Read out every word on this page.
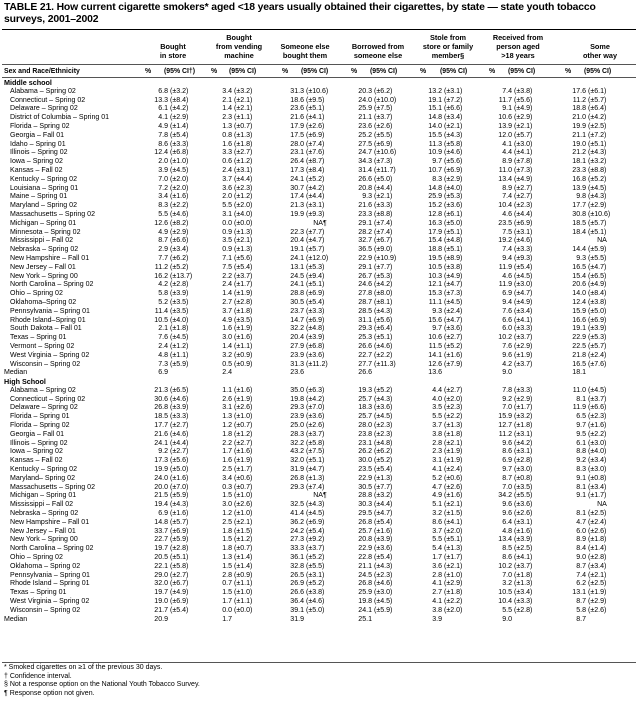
TABLE 21. How current cigarette smokers* aged <18 years usually obtained their cigarettes, by state — state youth tobacco surveys, 2001–2002
Bought
in store
Bought
from vending
machine
Someone else
bought them
Borrowed from
someone else
Stole from
store or family
member§
Received from
person aged
>18 years
Some
other way
Sex and Race/Ethnicity	% (95% CI†) % (95% CI)	% (95% CI)	% (95% CI)	% (95% CI)	% (95% CI)	% (95% CI)
Middle school
Alabama – Spring 02	6.8 (±3.2)	3.4 (±3.2)	31.3 (±10.6)	20.3 (±6.2)	13.2 (±3.1)	7.4 (±3.8)	17.6 (±6.1)
Connecticut – Spring 02	13.3 (±8.4)	2.1 (±2.1)	18.6 (±9.5)	24.0 (±10.0)	19.1 (±7.2)	11.7 (±5.6)	11.2 (±5.7)
Delaware – Spring 02	6.1 (±4.2)	1.4 (±2.1)	23.6 (±5.1)	25.9 (±7.5)	15.1 (±6.6)	9.1 (±4.9)	18.8 (±6.4)
District of Columbia – Spring 01	4.1 (±2.9)	2.3 (±1.1)	21.6 (±4.1)	21.1 (±3.7)	14.8 (±3.4)	10.6 (±2.9)	21.0 (±4.2)
Florida – Spring 02	4.9 (±1.4)	1.3 (±0.7)	17.9 (±2.6)	23.6 (±2.6)	14.0 (±2.1)	13.9 (±2.1)	19.9 (±2.5)
Georgia – Fall 01	7.8 (±5.4)	0.8 (±1.3)	17.5 (±6.9)	25.2 (±5.5)	15.5 (±4.3)	12.0 (±5.7)	21.1 (±7.2)
Idaho – Spring 01	8.6 (±3.3)	1.6 (±1.8)	28.0 (±7.4)	27.5 (±6.9)	11.3 (±5.8)	4.1 (±3.0)	19.0 (±5.1)
Illinois – Spring 02	12.4 (±6.8)	3.3 (±2.7)	23.1 (±7.6)	24.7 (±10.6)	10.9 (±4.6)	4.4 (±4.1)	21.2 (±4.3)
Iowa – Spring 02	2.0 (±1.0)	0.6 (±1.2)	26.4 (±8.7)	34.3 (±7.3)	9.7 (±5.6)	8.9 (±7.8)	18.1 (±3.2)
Kansas – Fall 02	3.9 (±4.5)	2.4 (±3.1)	17.3 (±8.4)	31.4 (±11.7)	10.7 (±6.9)	11.0 (±7.3)	23.3 (±8.8)
Kentucky – Spring 02	7.0 (±2.0)	3.7 (±4.4)	24.1 (±5.2)	26.6 (±5.0)	8.3 (±2.9)	13.4 (±4.9)	16.8 (±5.2)
Louisiana – Spring 01	7.2 (±2.0)	3.6 (±2.3)	30.7 (±4.2)	20.8 (±4.4)	14.8 (±4.0)	8.9 (±2.7)	13.9 (±4.5)
Maine – Spring 01	3.4 (±1.6)	2.0 (±1.2)	17.4 (±4.4)	9.3 (±2.1)	25.9 (±5.3)	7.4 (±2.7)	9.8 (±4.3)
Maryland – Spring 02	8.3 (±2.2)	5.5 (±2.0)	21.3 (±3.1)	21.6 (±3.3)	15.2 (±3.6)	10.4 (±2.3)	17.7 (±2.9)
Massachusetts – Spring 02	5.5 (±4.6)	3.1 (±4.0)	19.9 (±9.3)	23.3 (±8.8)	12.8 (±6.1)	4.6 (±4.4)	30.8 (±10.6)
Michigan – Spring 01	12.6 (±8.2)	0.0 (±0.0)	NA¶	29.1 (±7.4)	16.3 (±5.0)	23.5 (±6.9)	18.5 (±5.7)
Minnesota – Spring 02	4.9 (±2.9)	0.9 (±1.3)	22.3 (±7.7)	28.2 (±7.4)	17.9 (±5.1)	7.5 (±3.1)	18.4 (±5.1)
Mississippi – Fall 02	8.7 (±6.6)	3.5 (±2.1)	20.4 (±4.7)	32.7 (±6.7)	15.4 (±4.8)	19.2 (±4.6)	NA
Nebraska – Spring 02	2.9 (±3.4)	0.9 (±1.3)	19.1 (±5.7)	36.5 (±9.0)	18.8 (±5.1)	7.4 (±3.3)	14.4 (±5.9)
New Hampshire – Fall 01	7.7 (±6.2)	7.1 (±5.6)	24.1 (±12.0)	22.9 (±10.9)	19.5 (±8.9)	9.4 (±9.3)	9.3 (±5.5)
New Jersey – Fall 01	11.2 (±5.2)	7.5 (±5.4)	13.1 (±5.3)	29.1 (±7.7)	10.5 (±3.8)	11.9 (±5.4)	16.5 (±4.7)
New York – Spring 00	16.2 (±13.7)	2.2 (±3.7)	24.5 (±9.4)	26.7 (±5.3)	10.3 (±4.9)	4.6 (±4.5)	15.4 (±6.5)
North Carolina – Spring 02	4.2 (±2.8)	2.4 (±1.7)	24.1 (±5.1)	24.6 (±4.2)	12.1 (±4.7)	11.9 (±3.0)	20.6 (±4.9)
Ohio – Spring 02	5.8 (±3.9)	1.4 (±1.9)	28.8 (±6.9)	27.8 (±8.0)	15.3 (±7.3)	6.9 (±4.7)	14.0 (±8.4)
Oklahoma–Spring 02	5.2 (±3.5)	2.7 (±2.8)	30.5 (±5.4)	28.7 (±8.1)	11.1 (±4.5)	9.4 (±4.9)	12.4 (±3.8)
Pennsylvania – Spring 01	11.4 (±3.5)	3.7 (±1.8)	23.7 (±3.3)	28.5 (±4.3)	9.3 (±2.4)	7.6 (±3.4)	15.9 (±5.0)
Rhode Island–Spring 01	10.5 (±4.0)	4.9 (±3.5)	14.7 (±6.9)	31.1 (±5.6)	15.6 (±4.7)	6.6 (±4.1)	16.6 (±6.9)
South Dakota – Fall 01	2.1 (±1.8)	1.6 (±1.9)	32.2 (±4.8)	29.3 (±6.4)	9.7 (±3.6)	6.0 (±3.3)	19.1 (±3.9)
Texas – Spring 01	7.6 (±4.5)	3.0 (±1.6)	20.4 (±3.9)	25.3 (±5.1)	10.6 (±2.7)	10.2 (±3.7)	22.9 (±5.3)
Vermont – Spring 02	2.4 (±1.2)	1.4 (±1.1)	27.9 (±6.8)	26.6 (±4.6)	11.5 (±5.2)	7.6 (±2.9)	22.5 (±5.7)
West Virginia – Spring 02	4.8 (±1.1)	3.2 (±0.9)	23.9 (±3.6)	22.7 (±2.2)	14.1 (±1.6)	9.6 (±1.9)	21.8 (±2.4)
Wisconsin – Spring 02	7.3 (±5.9)	0.5 (±0.9)	31.3 (±11.2)	27.7 (±11.3)	12.6 (±7.9)	4.2 (±3.7)	16.5 (±7.6)
Median	6.9	2.4	23.6	26.6	13.6	9.0	18.1
High School
Alabama – Spring 02	21.3 (±6.5)	1.1 (±1.6)	35.0 (±6.3)	19.3 (±5.2)	4.4 (±2.7)	7.8 (±3.3)	11.0 (±4.5)
Connecticut – Spring 02	30.6 (±4.6)	2.6 (±1.9)	19.8 (±4.2)	25.7 (±4.3)	4.0 (±2.0)	9.2 (±2.9)	8.1 (±3.7)
Delaware – Spring 02	26.8 (±3.9)	3.1 (±2.6)	29.3 (±7.0)	18.3 (±3.6)	3.5 (±2.3)	7.0 (±1.7)	11.9 (±6.6)
Florida – Spring 01	18.5 (±3.3)	1.3 (±1.0)	23.9 (±3.6)	25.7 (±4.5)	5.5 (±2.2)	15.9 (±3.2)	6.5 (±2.3)
Florida – Spring 02	17.7 (±2.7)	1.2 (±0.7)	25.0 (±2.6)	28.0 (±2.3)	3.7 (±1.3)	12.7 (±1.8)	9.7 (±1.6)
Georgia – Fall 01	21.6 (±4.6)	1.8 (±1.2)	28.3 (±3.7)	23.8 (±2.3)	3.8 (±1.8)	11.2 (±3.1)	9.5 (±2.2)
Illinois – Spring 02	24.1 (±4.4)	2.2 (±2.7)	32.2 (±5.8)	23.1 (±4.8)	2.8 (±2.1)	9.6 (±4.2)	6.1 (±3.0)
Iowa – Spring 02	9.2 (±2.7)	1.7 (±1.6)	43.2 (±7.5)	26.2 (±6.2)	2.3 (±1.9)	8.6 (±3.1)	8.8 (±4.0)
Kansas – Fall 02	17.3 (±5.6)	1.6 (±1.9)	32.0 (±5.1)	30.0 (±5.2)	3.1 (±1.9)	6.9 (±2.8)	9.2 (±3.4)
Kentucky – Spring 02	19.9 (±5.0)	2.5 (±1.7)	31.9 (±4.7)	23.5 (±5.4)	4.1 (±2.4)	9.7 (±3.0)	8.3 (±3.0)
Maryland– Spring 02	24.0 (±1.6)	3.4 (±0.6)	26.8 (±1.3)	22.9 (±1.3)	5.2 (±0.6)	8.7 (±0.8)	9.1 (±0.8)
Massachusetts – Spring 02	20.0 (±7.0)	0.3 (±0.7)	29.3 (±7.4)	30.5 (±7.7)	4.7 (±2.6)	7.0 (±3.5)	8.1 (±3.4)
Michigan – Spring 01	21.5 (±5.9)	1.5 (±1.0)	NA¶	28.8 (±3.2)	4.9 (±1.6)	34.2 (±5.5)	9.1 (±1.7)
Mississippi – Fall 02	19.4 (±4.3)	3.0 (±2.6)	32.5 (±4.3)	30.3 (±4.4)	5.1 (±2.1)	9.6 (±3.6)	NA
Nebraska – Spring 02	6.9 (±1.6)	1.2 (±1.0)	41.4 (±4.5)	29.5 (±4.7)	3.2 (±1.5)	9.6 (±2.6)	8.1 (±2.5)
New Hampshire – Fall 01	14.8 (±5.7)	2.5 (±2.1)	36.2 (±6.9)	26.8 (±5.4)	8.6 (±4.1)	6.4 (±3.1)	4.7 (±2.4)
New Jersey – Fall 01	33.7 (±6.9)	1.8 (±1.5)	24.2 (±5.4)	25.7 (±1.6)	3.7 (±2.0)	4.8 (±1.6)	6.0 (±2.6)
New York – Spring 00	22.7 (±5.9)	1.5 (±1.2)	27.3 (±9.2)	20.8 (±3.9)	5.5 (±5.1)	13.4 (±3.9)	8.9 (±1.8)
North Carolina – Spring 02	19.7 (±2.8)	1.8 (±0.7)	33.3 (±3.7)	22.9 (±3.6)	5.4 (±1.3)	8.5 (±2.5)	8.4 (±1.4)
Ohio – Spring 02	20.5 (±5.1)	1.3 (±1.4)	36.1 (±5.2)	22.8 (±5.4)	1.7 (±1.7)	8.6 (±4.1)	9.0 (±2.8)
Oklahoma – Spring 02	22.1 (±5.8)	1.5 (±1.4)	32.8 (±5.5)	21.1 (±4.3)	3.6 (±2.1)	10.2 (±3.7)	8.7 (±3.4)
Pennsylvania – Spring 01	29.0 (±2.7)	2.8 (±0.9)	26.5 (±3.1)	24.5 (±2.3)	2.8 (±1.0)	7.0 (±1.8)	7.4 (±2.1)
Rhode Island – Spring 01	32.0 (±6.7)	0.7 (±1.1)	26.9 (±5.2)	26.8 (±4.6)	4.1 (±2.9)	3.2 (±1.3)	6.2 (±2.5)
Texas – Spring 01	19.7 (±4.9)	1.5 (±1.0)	26.6 (±3.8)	25.9 (±3.0)	2.7 (±1.8)	10.5 (±3.4)	13.1 (±1.9)
West Virginia – Spring 02	19.0 (±6.9)	1.7 (±1.1)	36.4 (±4.6)	19.8 (±4.5)	4.1 (±2.2)	10.4 (±3.3)	8.7 (±2.9)
Wisconsin – Spring 02	21.7 (±5.4)	0.0 (±0.0)	39.1 (±5.0)	24.1 (±5.9)	3.8 (±2.0)	5.5 (±2.8)	5.8 (±2.6)
Median	20.9	1.7	31.9	25.1	3.9	9.0	8.7
* Smoked cigarettes on ≥1 of the previous 30 days.
† Confidence interval.
§ Not a response option on the National Youth Tobacco Survey.
¶ Response option not given.
